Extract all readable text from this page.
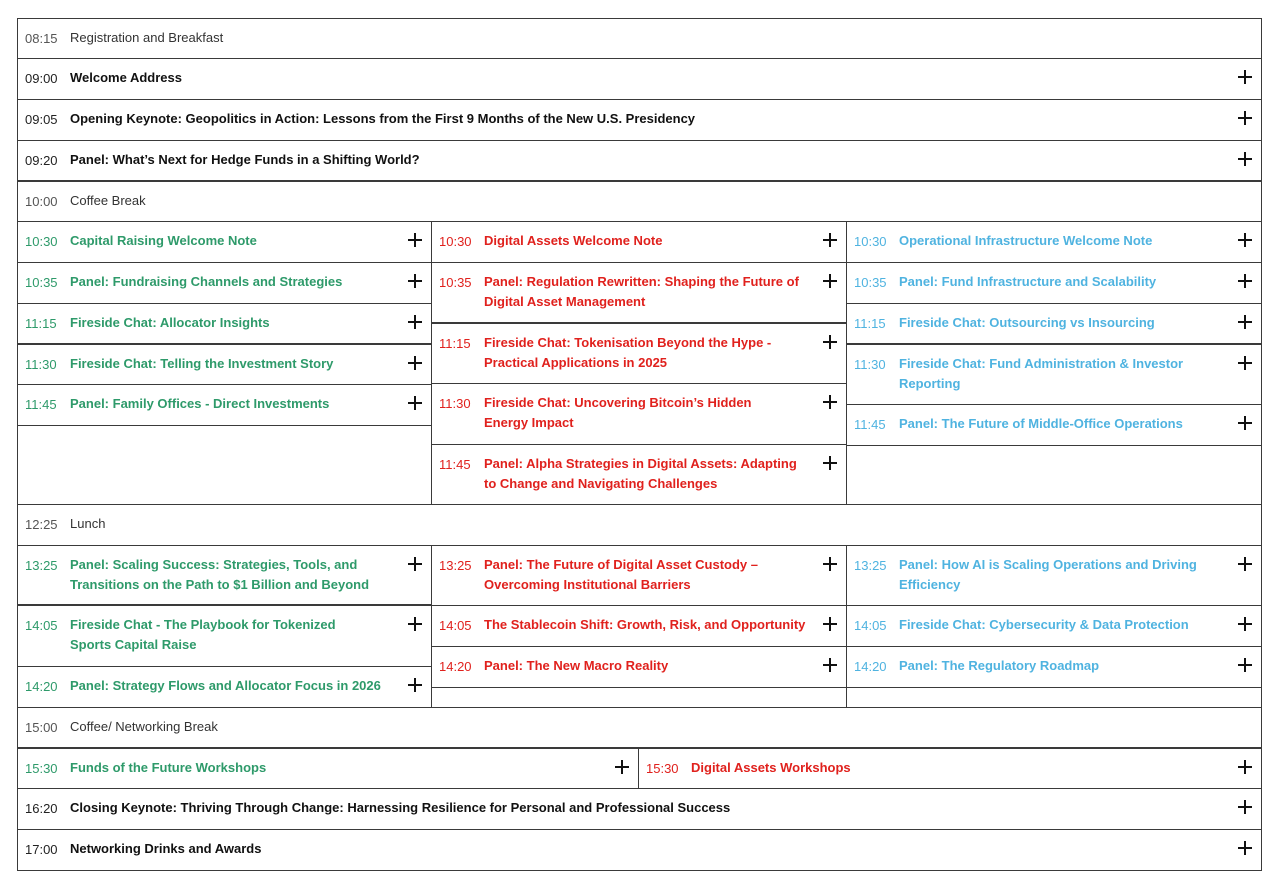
08:15 Registration and Breakfast
09:00 Welcome Address
09:05 Opening Keynote: Geopolitics in Action: Lessons from the First 9 Months of the New U.S. Presidency
09:20 Panel: What’s Next for Hedge Funds in a Shifting World?
10:00 Coffee Break
10:30 Capital Raising Welcome Note
10:35 Panel: Fundraising Channels and Strategies
11:15 Fireside Chat: Allocator Insights
11:30 Fireside Chat: Telling the Investment Story
11:45 Panel: Family Offices - Direct Investments
10:30 Digital Assets Welcome Note
10:35 Panel: Regulation Rewritten: Shaping the Future of Digital Asset Management
11:15 Fireside Chat: Tokenisation Beyond the Hype - Practical Applications in 2025
11:30 Fireside Chat: Uncovering Bitcoin’s Hidden Energy Impact
11:45 Panel: Alpha Strategies in Digital Assets: Adapting to Change and Navigating Challenges
10:30 Operational Infrastructure Welcome Note
10:35 Panel: Fund Infrastructure and Scalability
11:15 Fireside Chat: Outsourcing vs Insourcing
11:30 Fireside Chat: Fund Administration & Investor Reporting
11:45 Panel: The Future of Middle-Office Operations
12:25 Lunch
13:25 Panel: Scaling Success: Strategies, Tools, and Transitions on the Path to $1 Billion and Beyond
14:05 Fireside Chat - The Playbook for Tokenized Sports Capital Raise
14:20 Panel: Strategy Flows and Allocator Focus in 2026
13:25 Panel: The Future of Digital Asset Custody – Overcoming Institutional Barriers
14:05 The Stablecoin Shift: Growth, Risk, and Opportunity
14:20 Panel: The New Macro Reality
13:25 Panel: How AI is Scaling Operations and Driving Efficiency
14:05 Fireside Chat: Cybersecurity & Data Protection
14:20 Panel: The Regulatory Roadmap
15:00 Coffee/ Networking Break
15:30 Funds of the Future Workshops	15:30 Digital Assets Workshops
16:20 Closing Keynote: Thriving Through Change: Harnessing Resilience for Personal and Professional Success
17:00 Networking Drinks and Awards
